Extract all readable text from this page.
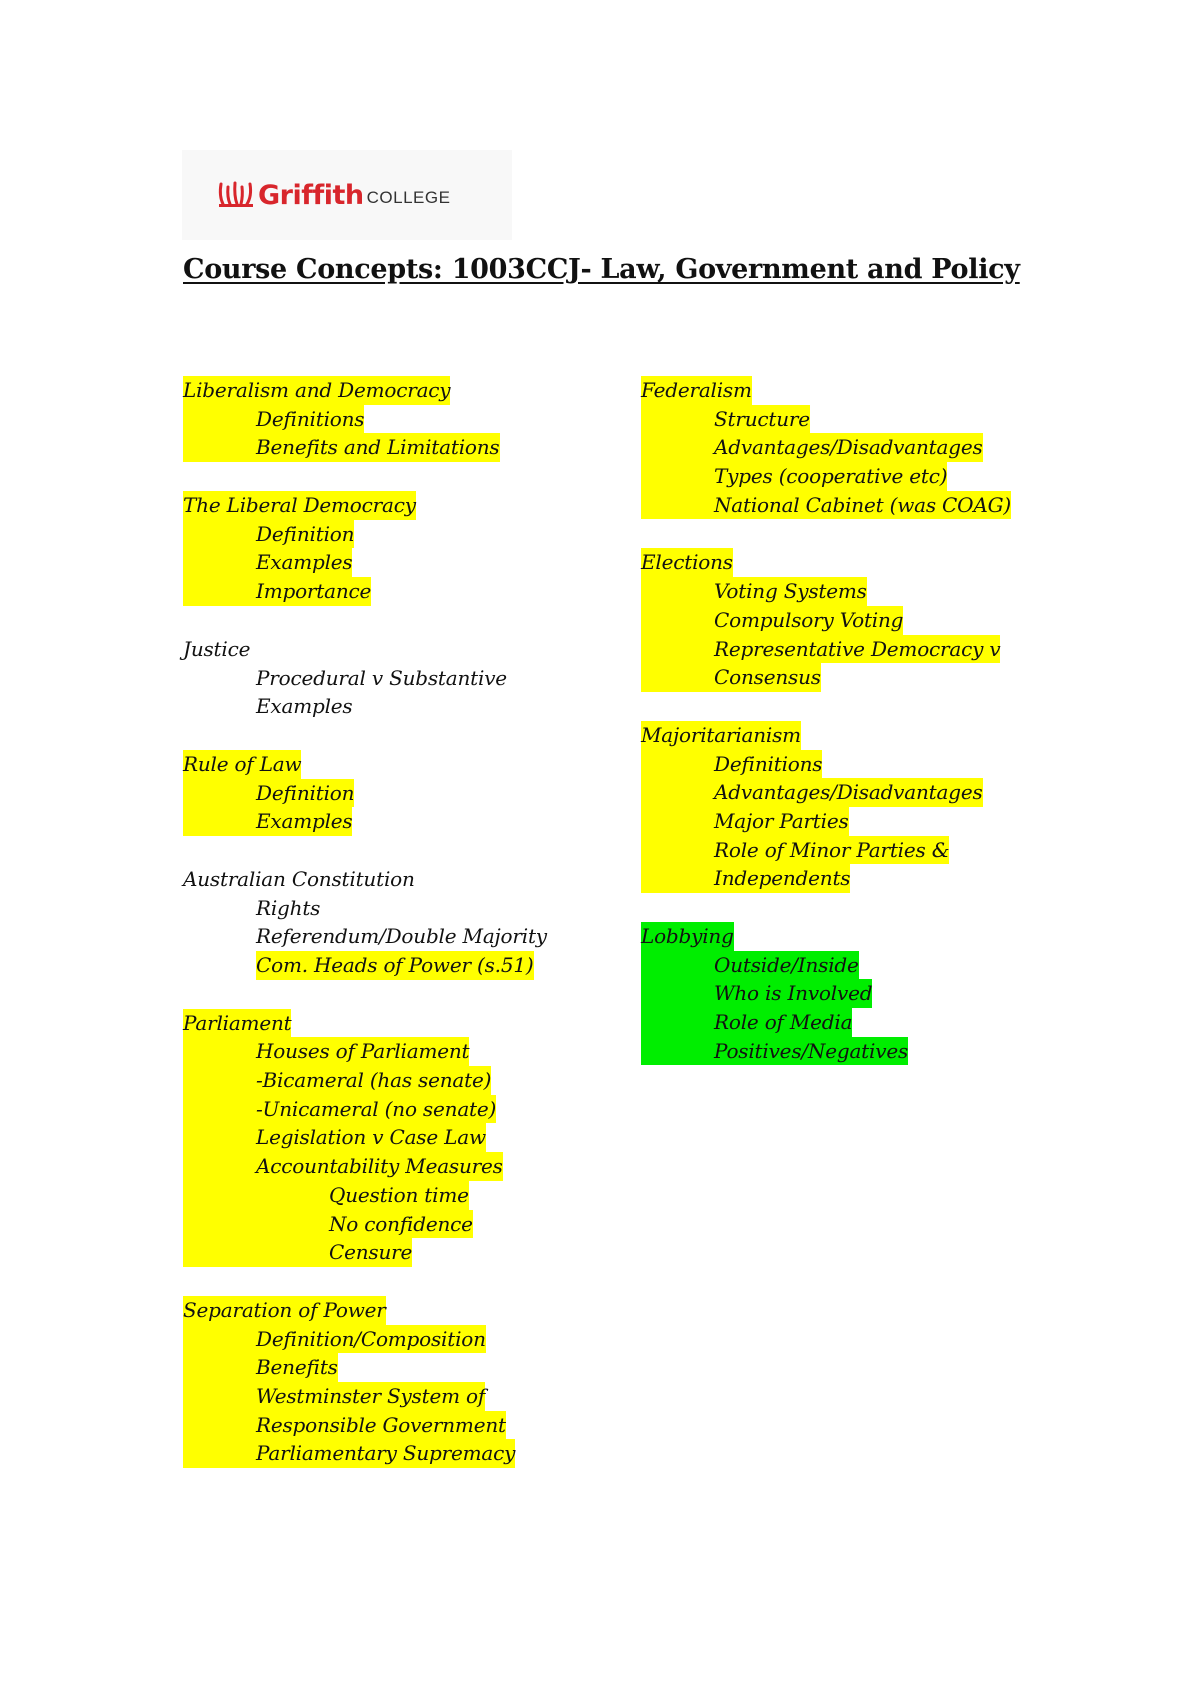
Griffith COLLEGE
Course Concepts: 1003CCJ- Law, Government and Policy
Liberalism and Democracy
Definitions
Benefits and Limitations
The Liberal Democracy
Definition
Examples
Importance
Justice
Procedural v Substantive
Examples
Rule of Law
Definition
Examples
Australian Constitution
Rights
Referendum/Double Majority
Com. Heads of Power (s.51)
Parliament
Houses of Parliament
-Bicameral (has senate)
-Unicameral (no senate)
Legislation v Case Law
Accountability Measures
Question time
No confidence
Censure
Separation of Power
Definition/Composition
Benefits
Westminster System of
Responsible Government
Parliamentary Supremacy
Federalism
Structure
Advantages/Disadvantages
Types (cooperative etc)
National Cabinet (was COAG)
Elections
Voting Systems
Compulsory Voting
Representative Democracy v
Consensus
Majoritarianism
Definitions
Advantages/Disadvantages
Major Parties
Role of Minor Parties &
Independents
Lobbying
Outside/Inside
Who is Involved
Role of Media
Positives/Negatives
